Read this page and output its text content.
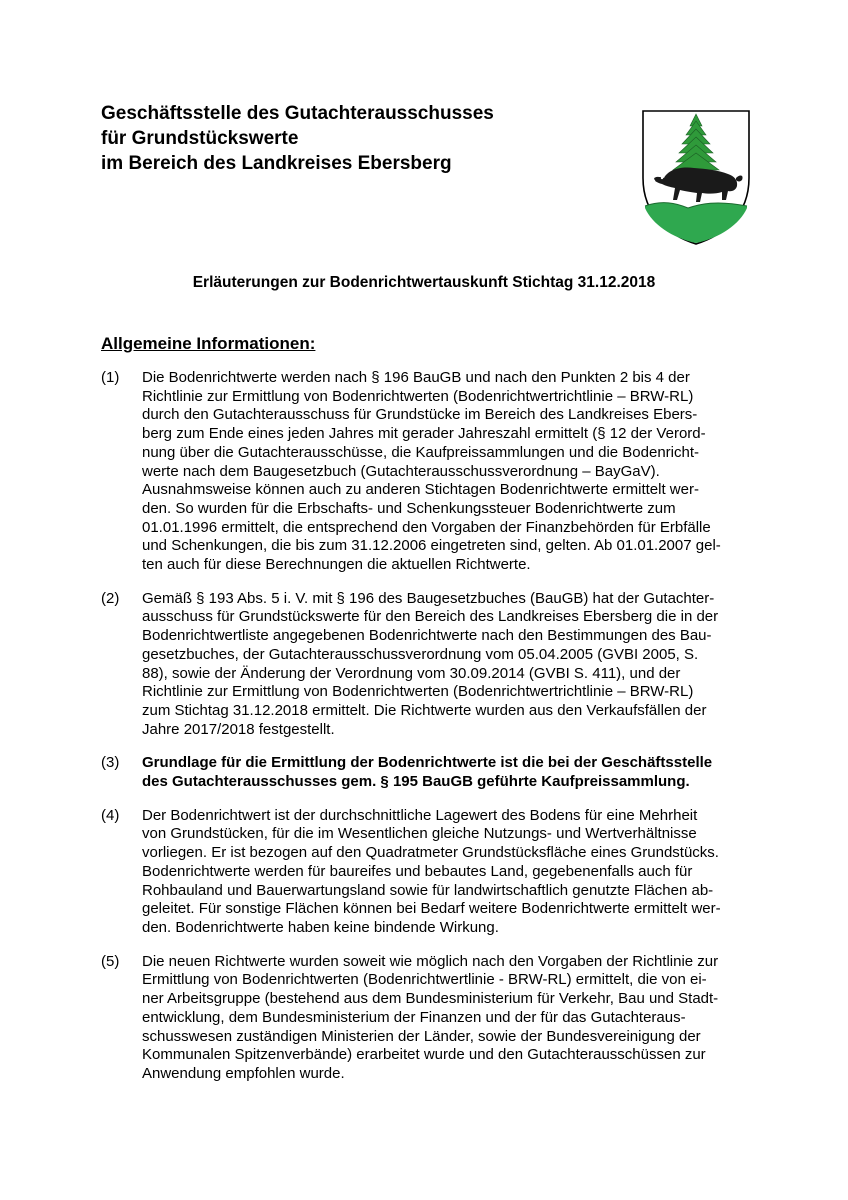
Geschäftsstelle des Gutachterausschusses
für Grundstückswerte
im Bereich des Landkreises Ebersberg
Erläuterungen zur Bodenrichtwertauskunft Stichtag 31.12.2018
Allgemeine Informationen:
(1) Die Bodenrichtwerte werden nach § 196 BauGB und nach den Punkten 2 bis 4 der
Richtlinie zur Ermittlung von Bodenrichtwerten (Bodenrichtwertrichtlinie – BRW-RL)
durch den Gutachterausschuss für Grundstücke im Bereich des Landkreises Ebers-
berg zum Ende eines jeden Jahres mit gerader Jahreszahl ermittelt (§ 12 der Verord-
nung über die Gutachterausschüsse, die Kaufpreissammlungen und die Bodenricht-
werte nach dem Baugesetzbuch (Gutachterausschussverordnung – BayGaV).
Ausnahmsweise können auch zu anderen Stichtagen Bodenrichtwerte ermittelt wer-
den. So wurden für die Erbschafts- und Schenkungssteuer Bodenrichtwerte zum
01.01.1996 ermittelt, die entsprechend den Vorgaben der Finanzbehörden für Erbfälle
und Schenkungen, die bis zum 31.12.2006 eingetreten sind, gelten. Ab 01.01.2007 gel-
ten auch für diese Berechnungen die aktuellen Richtwerte.
(2) Gemäß § 193 Abs. 5 i. V. mit § 196 des Baugesetzbuches (BauGB) hat der Gutachter-
ausschuss für Grundstückswerte für den Bereich des Landkreises Ebersberg die in der
Bodenrichtwertliste angegebenen Bodenrichtwerte nach den Bestimmungen des Bau-
gesetzbuches, der Gutachterausschussverordnung vom 05.04.2005 (GVBI 2005, S.
88), sowie der Änderung der Verordnung vom 30.09.2014 (GVBI S. 411), und der
Richtlinie zur Ermittlung von Bodenrichtwerten (Bodenrichtwertrichtlinie – BRW-RL)
zum Stichtag 31.12.2018 ermittelt. Die Richtwerte wurden aus den Verkaufsfällen der
Jahre 2017/2018 festgestellt.
(3) Grundlage für die Ermittlung der Bodenrichtwerte ist die bei der Geschäftsstelle
des Gutachterausschusses gem. § 195 BauGB geführte Kaufpreissammlung.
(4) Der Bodenrichtwert ist der durchschnittliche Lagewert des Bodens für eine Mehrheit
von Grundstücken, für die im Wesentlichen gleiche Nutzungs- und Wertverhältnisse
vorliegen. Er ist bezogen auf den Quadratmeter Grundstücksfläche eines Grundstücks.
Bodenrichtwerte werden für baureifes und bebautes Land, gegebenenfalls auch für
Rohbauland und Bauerwartungsland sowie für landwirtschaftlich genutzte Flächen ab-
geleitet. Für sonstige Flächen können bei Bedarf weitere Bodenrichtwerte ermittelt wer-
den. Bodenrichtwerte haben keine bindende Wirkung.
(5) Die neuen Richtwerte wurden soweit wie möglich nach den Vorgaben der Richtlinie zur
Ermittlung von Bodenrichtwerten (Bodenrichtwertlinie - BRW-RL) ermittelt, die von ei-
ner Arbeitsgruppe (bestehend aus dem Bundesministerium für Verkehr, Bau und Stadt-
entwicklung, dem Bundesministerium der Finanzen und der für das Gutachteraus-
schusswesen zuständigen Ministerien der Länder, sowie der Bundesvereinigung der
Kommunalen Spitzenverbände) erarbeitet wurde und den Gutachterausschüssen zur
Anwendung empfohlen wurde.
